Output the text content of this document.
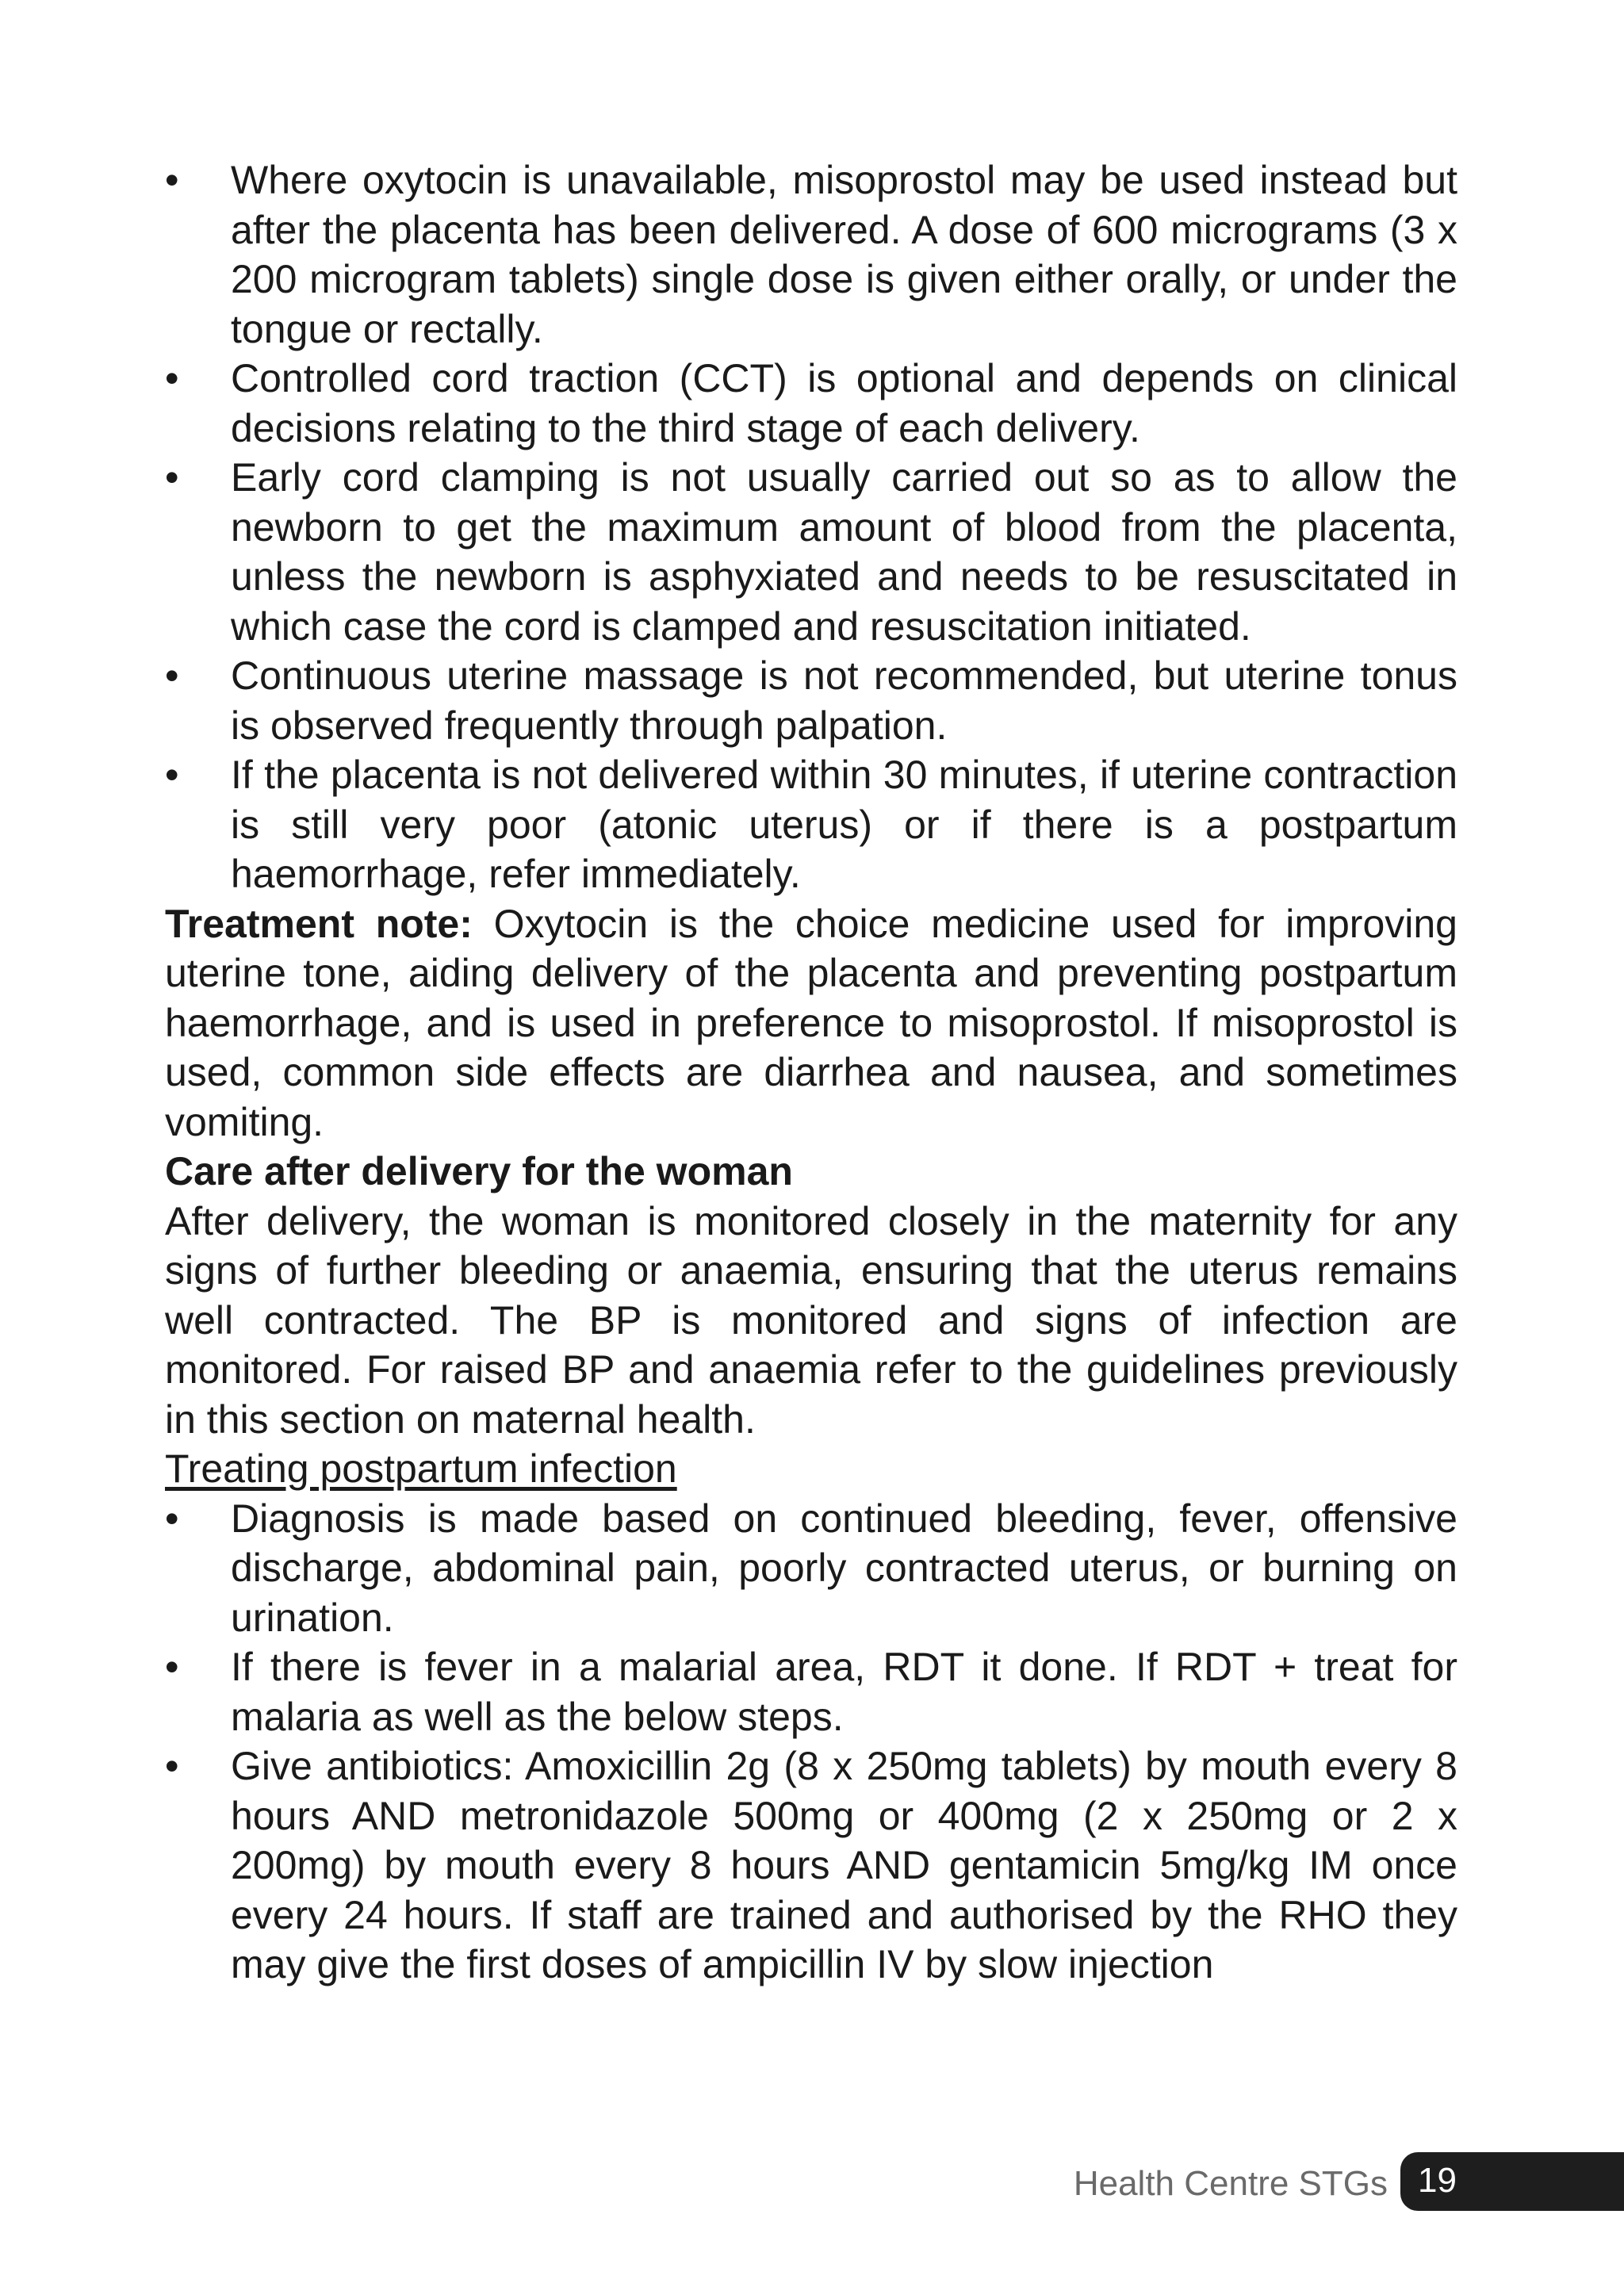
• Where oxytocin is unavailable, misoprostol may be used instead but after the placenta has been delivered. A dose of 600 micrograms (3 x 200 microgram tablets) single dose is given either orally, or under the tongue or rectally.
• Controlled cord traction (CCT) is optional and depends on clinical decisions relating to the third stage of each delivery.
• Early cord clamping is not usually carried out so as to allow the newborn to get the maximum amount of blood from the placenta, unless the newborn is asphyxiated and needs to be resuscitated in which case the cord is clamped and resuscitation initiated.
• Continuous uterine massage is not recommended, but uterine tonus is observed frequently through palpation.
• If the placenta is not delivered within 30 minutes, if uterine contraction is still very poor (atonic uterus) or if there is a postpartum haemorrhage, refer immediately.

Treatment note: Oxytocin is the choice medicine used for improving uterine tone, aiding delivery of the placenta and preventing postpartum haemorrhage, and is used in preference to misoprostol. If misoprostol is used, common side effects are diarrhea and nausea, and sometimes vomiting.

Care after delivery for the woman

After delivery, the woman is monitored closely in the maternity for any signs of further bleeding or anaemia, ensuring that the uterus remains well contracted. The BP is monitored and signs of infection are monitored. For raised BP and anaemia refer to the guidelines previously in this section on maternal health.

Treating postpartum infection

• Diagnosis is made based on continued bleeding, fever, offensive discharge, abdominal pain, poorly contracted uterus, or burning on urination.
• If there is fever in a malarial area, RDT it done. If RDT + treat for malaria as well as the below steps.
• Give antibiotics: Amoxicillin 2g (8 x 250mg tablets) by mouth every 8 hours AND metronidazole 500mg or 400mg (2 x 250mg or 2 x 200mg) by mouth every 8 hours AND gentamicin 5mg/kg IM once every 24 hours. If staff are trained and authorised by the RHO they may give the first doses of ampicillin IV by slow injection
Health Centre STGs 19
